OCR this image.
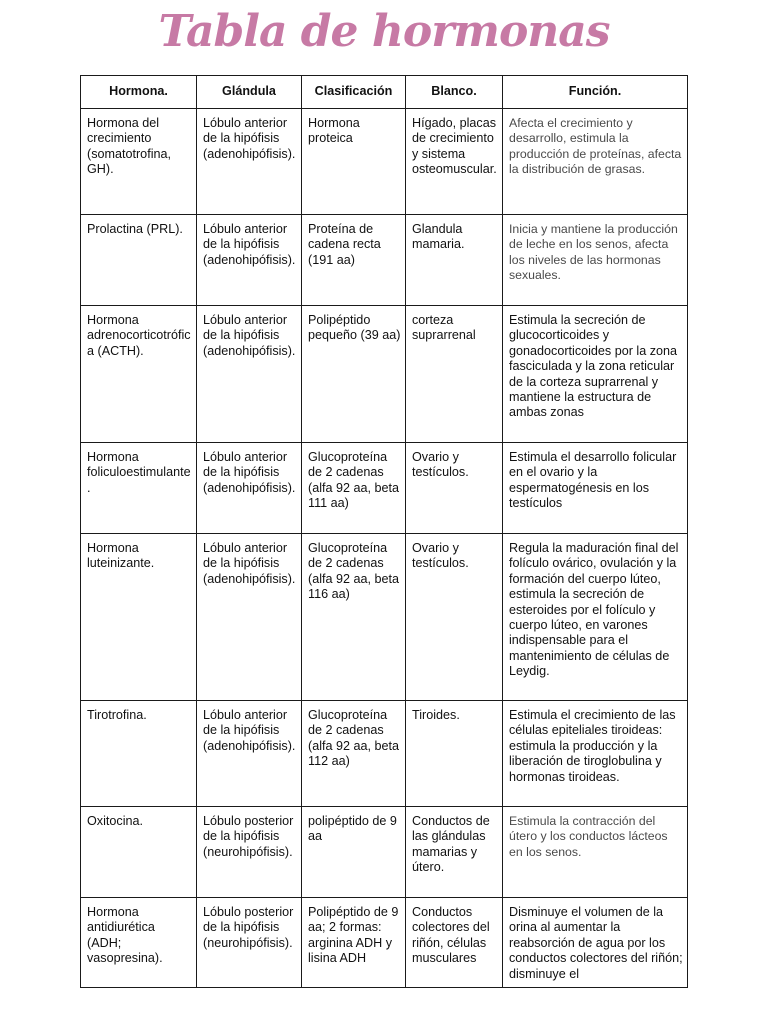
Tabla de hormonas
Hormona.	Glándula	Clasificación	Blanco.	Función.
Hormona del crecimiento (somatotrofina, GH).	Lóbulo anterior de la hipófisis (adenohipófisis).	Hormona proteica	Hígado, placas de crecimiento y sistema osteomuscular.	Afecta el crecimiento y desarrollo, estimula la producción de proteínas, afecta la distribución de grasas.
Prolactina (PRL).	Lóbulo anterior de la hipófisis (adenohipófisis).	Proteína de cadena recta (191 aa)	Glandula mamaria.	Inicia y mantiene la producción de leche en los senos, afecta los niveles de las hormonas sexuales.
Hormona adrenocorticotrófica (ACTH).	Lóbulo anterior de la hipófisis (adenohipófisis).	Polipéptido pequeño (39 aa)	corteza suprarrenal	Estimula la secreción de glucocorticoides y gonadocorticoides por la zona fasciculada y la zona reticular de la corteza suprarrenal y mantiene la estructura de ambas zonas
Hormona foliculoestimulante.	Lóbulo anterior de la hipófisis (adenohipófisis).	Glucoproteína de 2 cadenas (alfa 92 aa, beta 111 aa)	Ovario y testículos.	Estimula el desarrollo folicular en el ovario y la espermatogénesis en los testículos
Hormona luteinizante.	Lóbulo anterior de la hipófisis (adenohipófisis).	Glucoproteína de 2 cadenas (alfa 92 aa, beta 116 aa)	Ovario y testículos.	Regula la maduración final del folículo ovárico, ovulación y la formación del cuerpo lúteo, estimula la secreción de esteroides por el folículo y cuerpo lúteo, en varones indispensable para el mantenimiento de células de Leydig.
Tirotrofina.	Lóbulo anterior de la hipófisis (adenohipófisis).	Glucoproteína de 2 cadenas (alfa 92 aa, beta 112 aa)	Tiroides.	Estimula el crecimiento de las células epiteliales tiroideas: estimula la producción y la liberación de tiroglobulina y hormonas tiroideas.
Oxitocina.	Lóbulo posterior de la hipófisis (neurohipófisis).	polipéptido de 9 aa	Conductos de las glándulas mamarias y útero.	Estimula la contracción del útero y los conductos lácteos en los senos.
Hormona antidiurética (ADH; vasopresina).	Lóbulo posterior de la hipófisis (neurohipófisis).	Polipéptido de 9 aa; 2 formas: arginina ADH y lisina ADH	Conductos colectores del riñón, células musculares	Disminuye el volumen de la orina al aumentar la reabsorción de agua por los conductos colectores del riñón; disminuye el
